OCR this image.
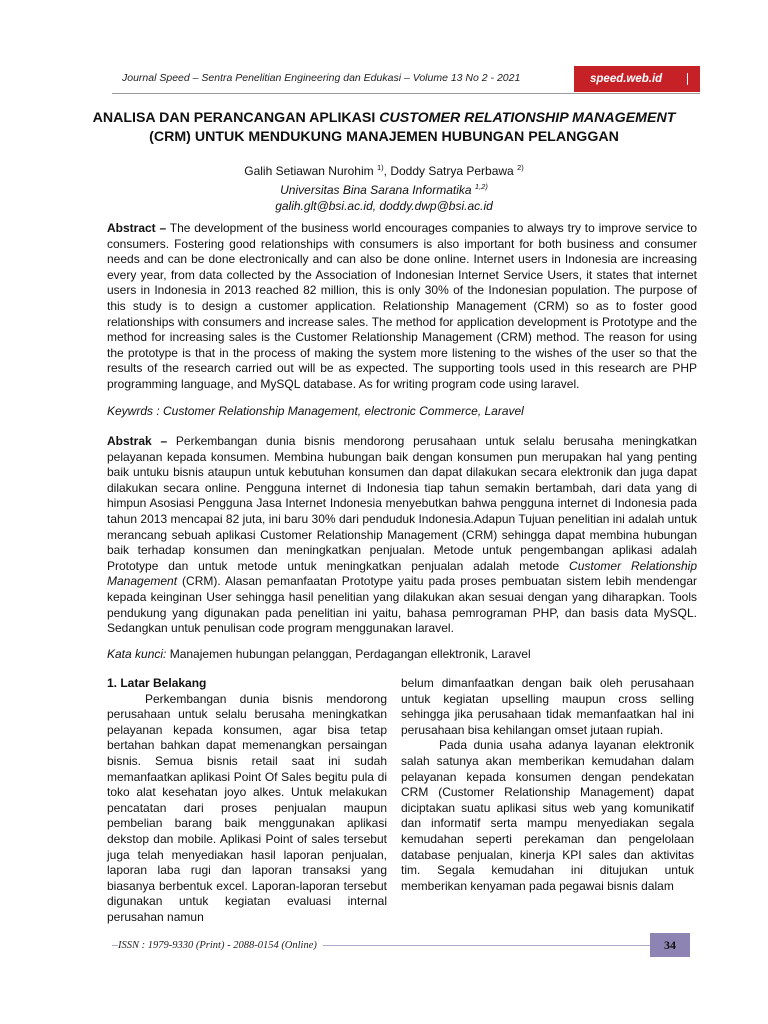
Journal Speed – Sentra Penelitian Engineering dan Edukasi – Volume 13 No 2 - 2021	speed.web.id
ANALISA DAN PERANCANGAN APLIKASI CUSTOMER RELATIONSHIP MANAGEMENT
(CRM) UNTUK MENDUKUNG MANAJEMEN HUBUNGAN PELANGGAN
Galih Setiawan Nurohim $^{1)}$, Doddy Satrya Perbawa $^{2)}$
Universitas Bina Sarana Informatika $^{1,2)}$
galih.glt@bsi.ac.id, doddy.dwp@bsi.ac.id
Abstract – The development of the business world encourages companies to always try to improve service to consumers. Fostering good relationships with consumers is also important for both business and consumer needs and can be done electronically and can also be done online. Internet users in Indonesia are increasing every year, from data collected by the Association of Indonesian Internet Service Users, it states that internet users in Indonesia in 2013 reached 82 million, this is only 30% of the Indonesian population. The purpose of this study is to design a customer application. Relationship Management (CRM) so as to foster good relationships with consumers and increase sales. The method for application development is Prototype and the method for increasing sales is the Customer Relationship Management (CRM) method. The reason for using the prototype is that in the process of making the system more listening to the wishes of the user so that the results of the research carried out will be as expected. The supporting tools used in this research are PHP programming language, and MySQL database. As for writing program code using laravel.
Keywrds : Customer Relationship Management, electronic Commerce, Laravel
Abstrak – Perkembangan dunia bisnis mendorong perusahaan untuk selalu berusaha meningkatkan pelayanan kepada konsumen. Membina hubungan baik dengan konsumen pun merupakan hal yang penting baik untuku bisnis ataupun untuk kebutuhan konsumen dan dapat dilakukan secara elektronik dan juga dapat dilakukan secara online. Pengguna internet di Indonesia tiap tahun semakin bertambah, dari data yang di himpun Asosiasi Pengguna Jasa Internet Indonesia menyebutkan bahwa pengguna internet di Indonesia pada tahun 2013 mencapai 82 juta, ini baru 30% dari penduduk Indonesia.Adapun Tujuan penelitian ini adalah untuk merancang sebuah aplikasi Customer Relationship Management (CRM) sehingga dapat membina hubungan baik terhadap konsumen dan meningkatkan penjualan. Metode untuk pengembangan aplikasi adalah Prototype dan untuk metode untuk meningkatkan penjualan adalah metode Customer Relationship Management (CRM). Alasan pemanfaatan Prototype yaitu pada proses pembuatan sistem lebih mendengar kepada keinginan User sehingga hasil penelitian yang dilakukan akan sesuai dengan yang diharapkan. Tools pendukung yang digunakan pada penelitian ini yaitu, bahasa pemrograman PHP, dan basis data MySQL. Sedangkan untuk penulisan code program menggunakan laravel.
Kata kunci: Manajemen hubungan pelanggan, Perdagangan ellektronik, Laravel

1. Latar Belakang

Perkembangan dunia bisnis mendorong perusahaan untuk selalu berusaha meningkatkan pelayanan kepada konsumen, agar bisa tetap bertahan bahkan dapat memenangkan persaingan bisnis. Semua bisnis retail saat ini sudah memanfaatkan aplikasi Point Of Sales begitu pula di toko alat kesehatan joyo alkes. Untuk melakukan pencatatan dari proses penjualan maupun pembelian barang baik menggunakan aplikasi dekstop dan mobile. Aplikasi Point of sales tersebut juga telah menyediakan hasil laporan penjualan, laporan laba rugi dan laporan transaksi yang biasanya berbentuk excel. Laporan-laporan tersebut digunakan untuk kegiatan evaluasi internal perusahan namun

belum dimanfaatkan dengan baik oleh perusahaan untuk kegiatan upselling maupun cross selling sehingga jika perusahaan tidak memanfaatkan hal ini perusahaan bisa kehilangan omset jutaan rupiah.

Pada dunia usaha adanya layanan elektronik salah satunya akan memberikan kemudahan dalam pelayanan kepada konsumen dengan pendekatan CRM (Customer Relationship Management) dapat diciptakan suatu aplikasi situs web yang komunikatif dan informatif serta mampu menyediakan segala kemudahan seperti perekaman dan pengelolaan database penjualan, kinerja KPI sales dan aktivitas tim. Segala kemudahan ini ditujukan untuk memberikan kenyaman pada pegawai bisnis dalam

ISSN : 1979-9330 (Print) - 2088-0154 (Online)	34
